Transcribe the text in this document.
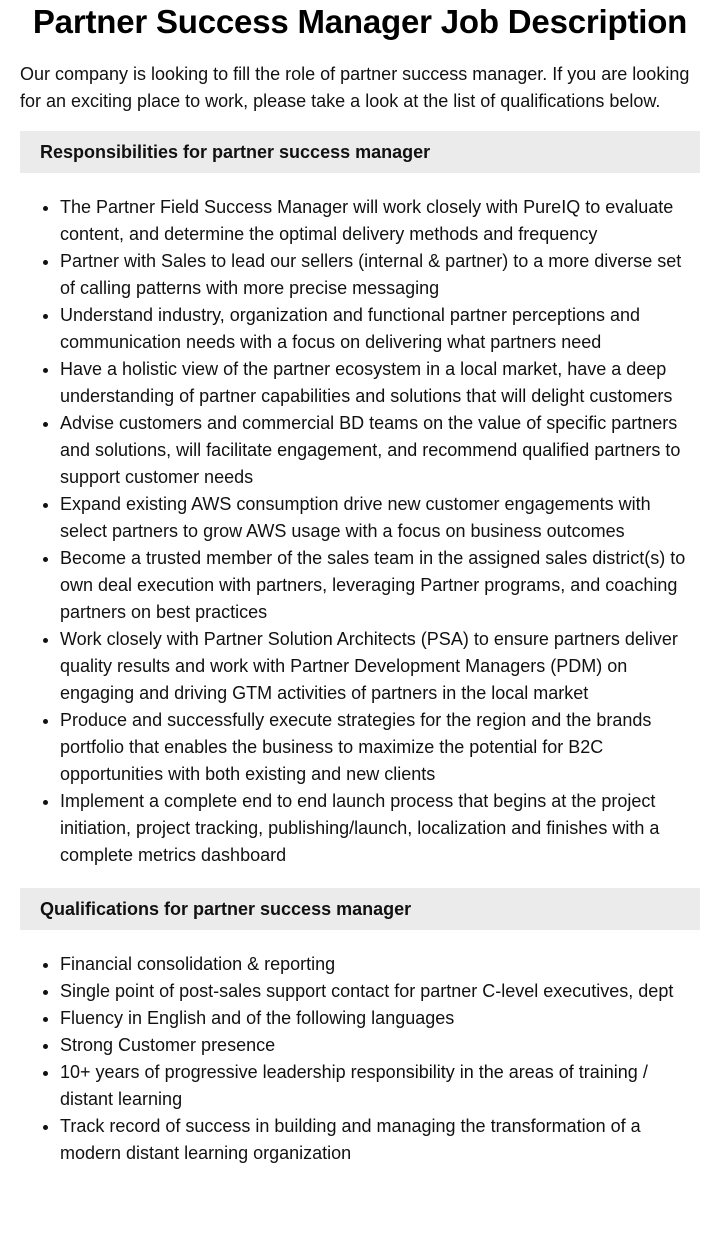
Partner Success Manager Job Description

Our company is looking to fill the role of partner success manager. If you are looking for an exciting place to work, please take a look at the list of qualifications below.

Responsibilities for partner success manager
• The Partner Field Success Manager will work closely with PureIQ to evaluate content, and determine the optimal delivery methods and frequency
• Partner with Sales to lead our sellers (internal & partner) to a more diverse set of calling patterns with more precise messaging
• Understand industry, organization and functional partner perceptions and communication needs with a focus on delivering what partners need
• Have a holistic view of the partner ecosystem in a local market, have a deep understanding of partner capabilities and solutions that will delight customers
• Advise customers and commercial BD teams on the value of specific partners and solutions, will facilitate engagement, and recommend qualified partners to support customer needs
• Expand existing AWS consumption drive new customer engagements with select partners to grow AWS usage with a focus on business outcomes
• Become a trusted member of the sales team in the assigned sales district(s) to own deal execution with partners, leveraging Partner programs, and coaching partners on best practices
• Work closely with Partner Solution Architects (PSA) to ensure partners deliver quality results and work with Partner Development Managers (PDM) on engaging and driving GTM activities of partners in the local market
• Produce and successfully execute strategies for the region and the brands portfolio that enables the business to maximize the potential for B2C opportunities with both existing and new clients
• Implement a complete end to end launch process that begins at the project initiation, project tracking, publishing/launch, localization and finishes with a complete metrics dashboard
Qualifications for partner success manager
• Financial consolidation & reporting
• Single point of post-sales support contact for partner C-level executives, dept
• Fluency in English and of the following languages
• Strong Customer presence
• 10+ years of progressive leadership responsibility in the areas of training / distant learning
• Track record of success in building and managing the transformation of a modern distant learning organization
